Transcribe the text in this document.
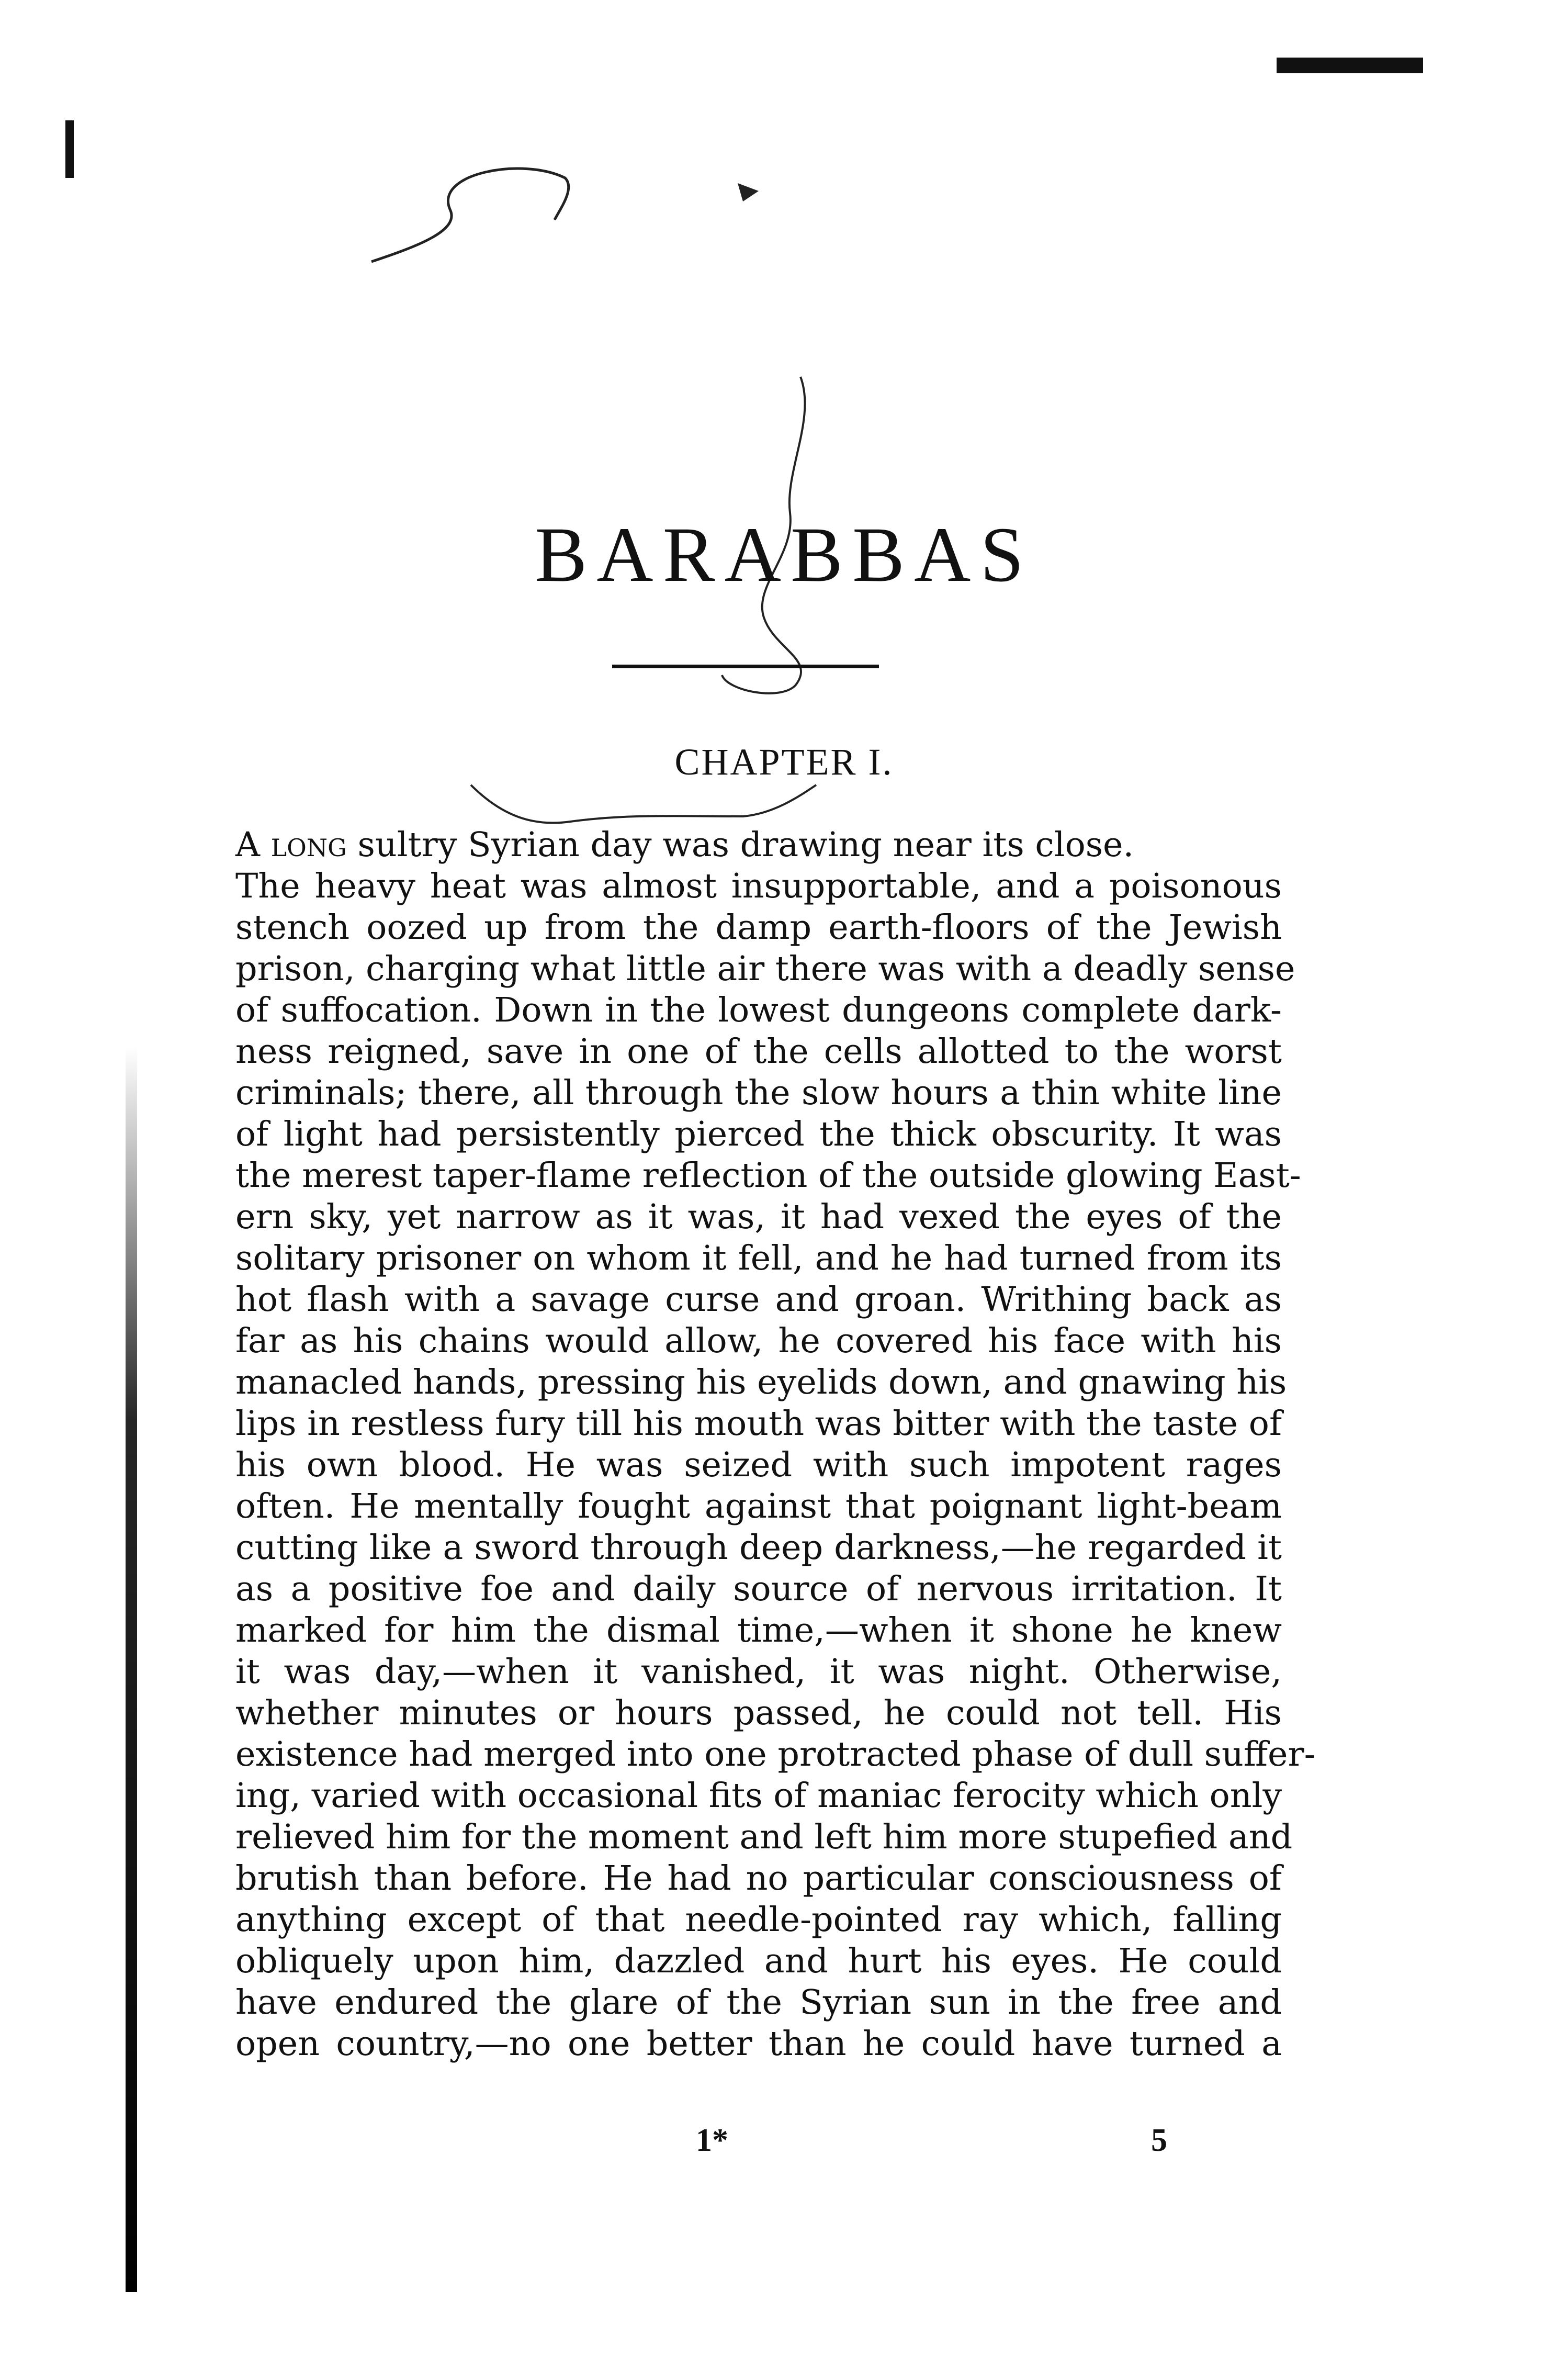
BARABBAS
CHAPTER I.
A long sultry Syrian day was drawing near its close.
The heavy heat was almost insupportable, and a poisonous
stench oozed up from the damp earth-floors of the Jewish
prison, charging what little air there was with a deadly sense
of suffocation. Down in the lowest dungeons complete dark-
ness reigned, save in one of the cells allotted to the worst
criminals; there, all through the slow hours a thin white line
of light had persistently pierced the thick obscurity. It was
the merest taper-flame reflection of the outside glowing East-
ern sky, yet narrow as it was, it had vexed the eyes of the
solitary prisoner on whom it fell, and he had turned from its
hot flash with a savage curse and groan. Writhing back as
far as his chains would allow, he covered his face with his
manacled hands, pressing his eyelids down, and gnawing his
lips in restless fury till his mouth was bitter with the taste of
his own blood. He was seized with such impotent rages
often. He mentally fought against that poignant light-beam
cutting like a sword through deep darkness,—he regarded it
as a positive foe and daily source of nervous irritation. It
marked for him the dismal time,—when it shone he knew
it was day,—when it vanished, it was night. Otherwise,
whether minutes or hours passed, he could not tell. His
existence had merged into one protracted phase of dull suffer-
ing, varied with occasional fits of maniac ferocity which only
relieved him for the moment and left him more stupefied and
brutish than before. He had no particular consciousness of
anything except of that needle-pointed ray which, falling
obliquely upon him, dazzled and hurt his eyes. He could
have endured the glare of the Syrian sun in the free and
open country,—no one better than he could have turned a
1*	5
